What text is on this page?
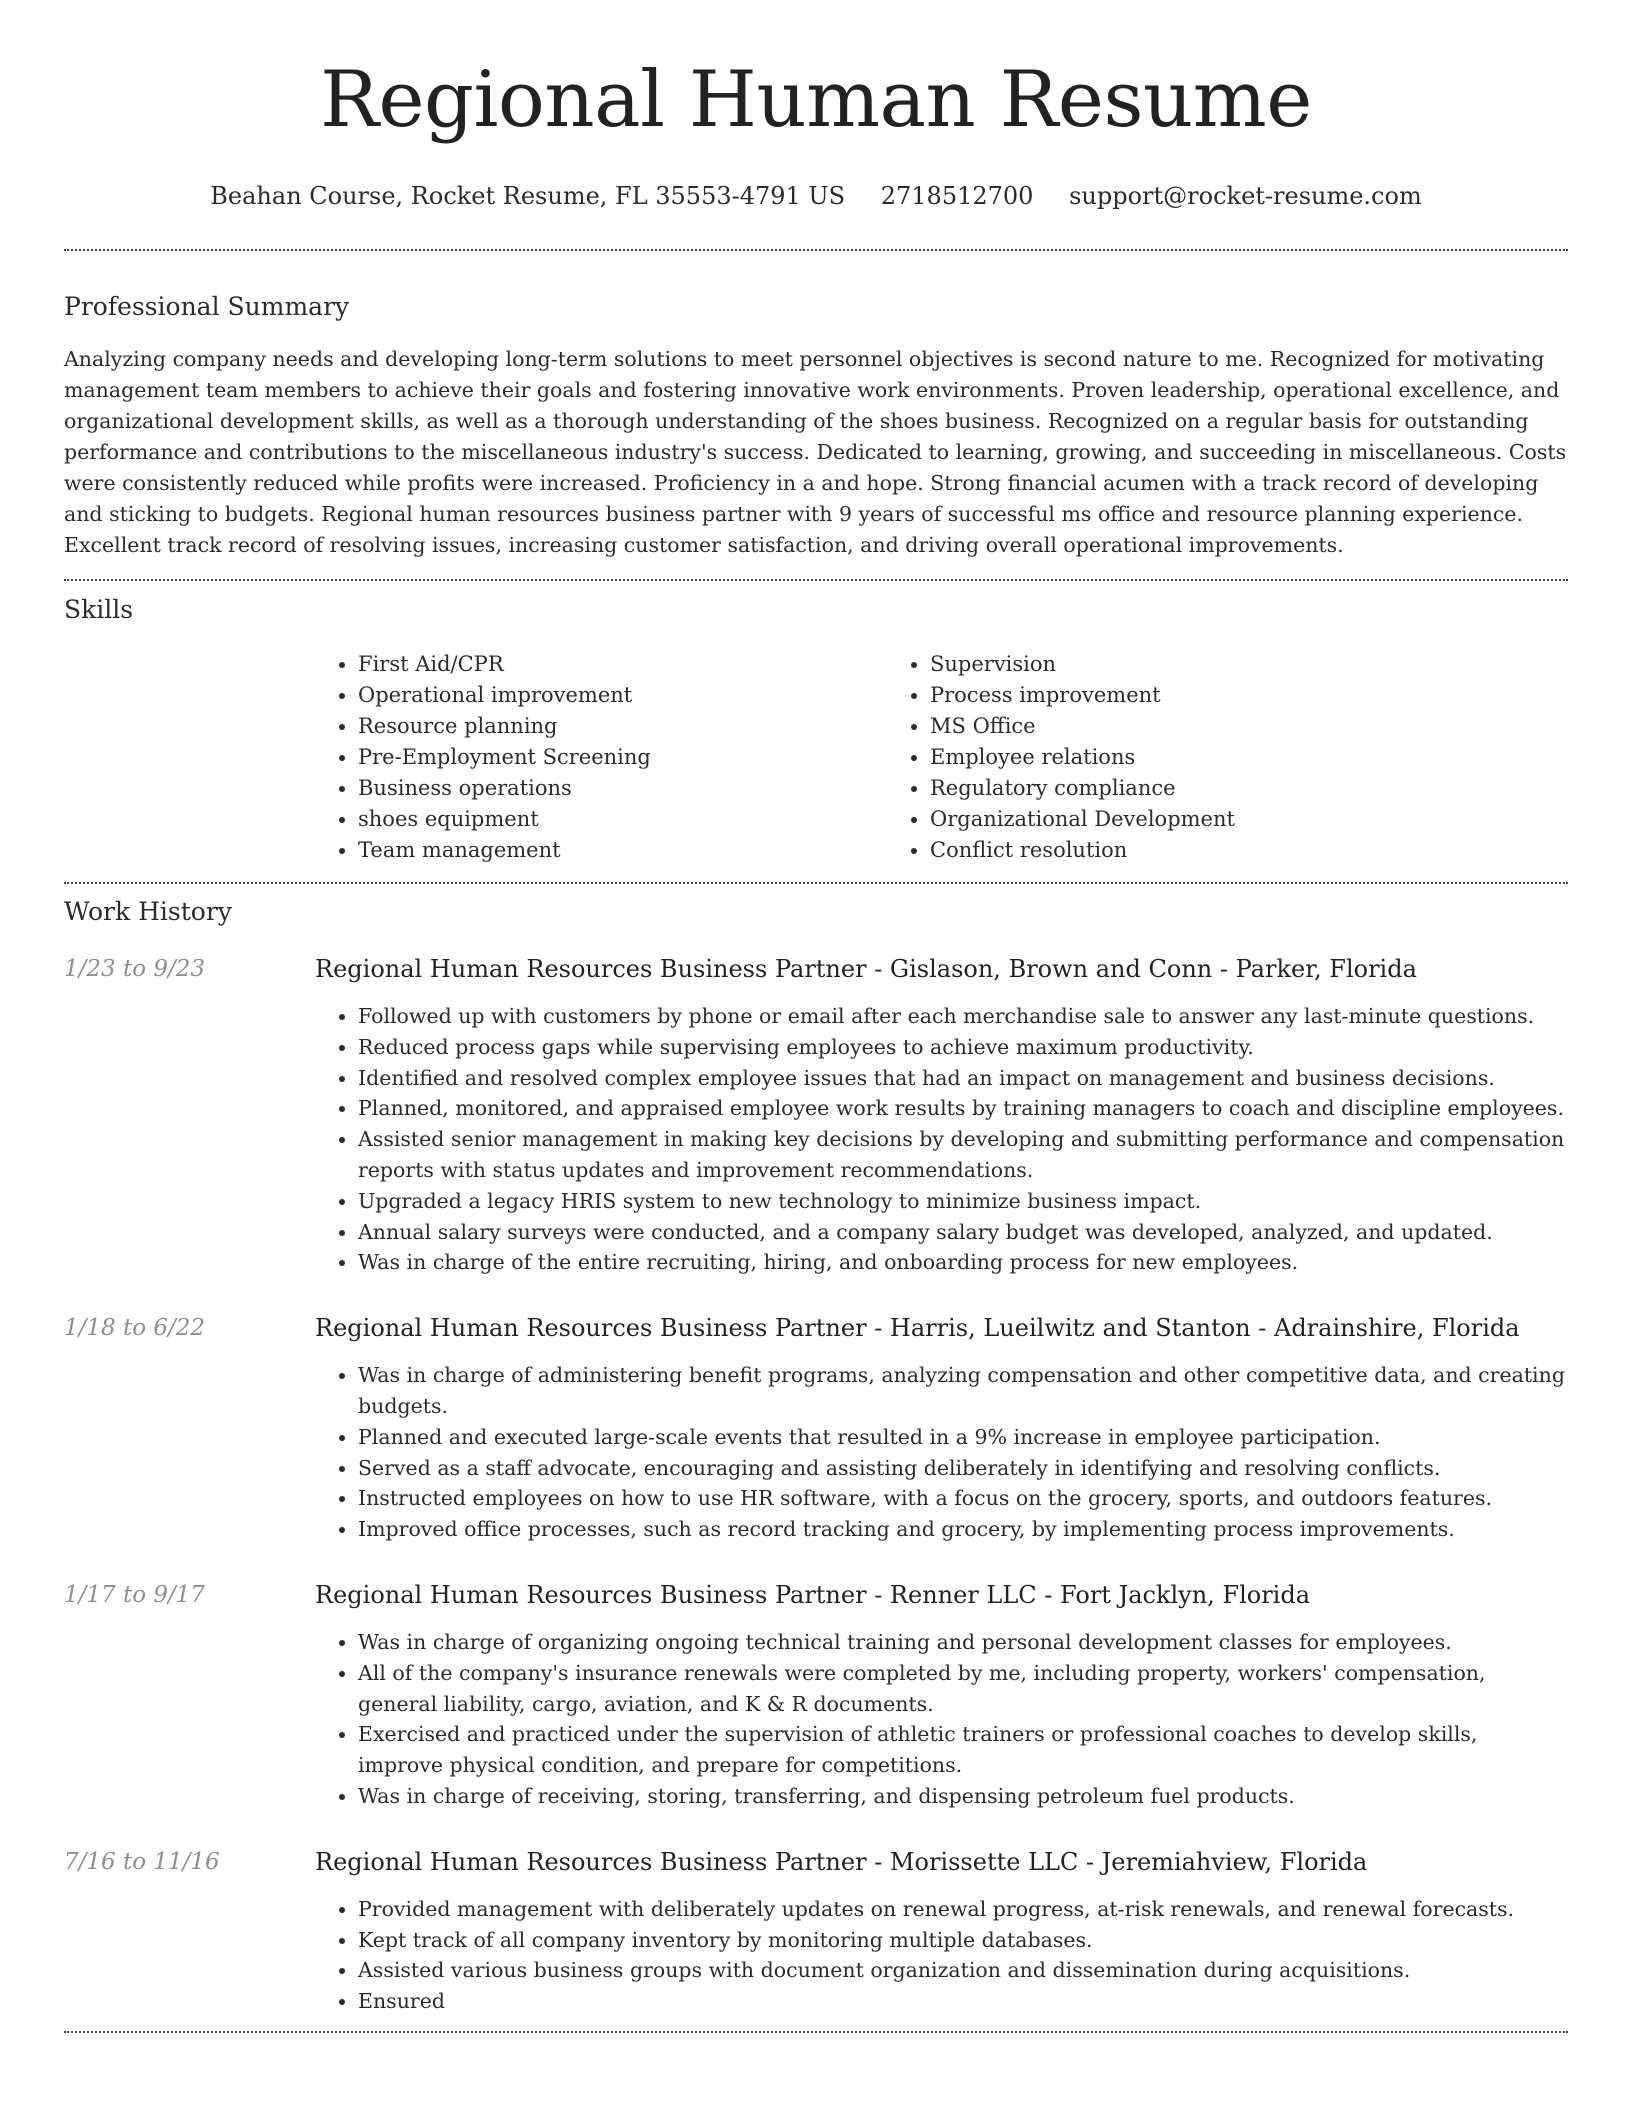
Regional Human Resume
Beahan Course, Rocket Resume, FL 35553-4791 US 2718512700 support@rocket-resume.com
Professional Summary

Analyzing company needs and developing long-term solutions to meet personnel objectives is second nature to me. Recognized for motivating management team members to achieve their goals and fostering innovative work environments. Proven leadership, operational excellence, and organizational development skills, as well as a thorough understanding of the shoes business. Recognized on a regular basis for outstanding performance and contributions to the miscellaneous industry's success. Dedicated to learning, growing, and succeeding in miscellaneous. Costs were consistently reduced while profits were increased. Proficiency in a and hope. Strong financial acumen with a track record of developing and sticking to budgets. Regional human resources business partner with 9 years of successful ms office and resource planning experience. Excellent track record of resolving issues, increasing customer satisfaction, and driving overall operational improvements.

Skills
• First Aid/CPR
• Operational improvement
• Resource planning
• Pre-Employment Screening
• Business operations
• shoes equipment
• Team management
• Supervision
• Process improvement
• MS Office
• Employee relations
• Regulatory compliance
• Organizational Development
• Conflict resolution
Work History
1/23 to 9/23	Regional Human Resources Business Partner - Gislason, Brown and Conn - Parker, Florida
• Followed up with customers by phone or email after each merchandise sale to answer any last-minute questions.
• Reduced process gaps while supervising employees to achieve maximum productivity.
• Identified and resolved complex employee issues that had an impact on management and business decisions.
• Planned, monitored, and appraised employee work results by training managers to coach and discipline employees.
• Assisted senior management in making key decisions by developing and submitting performance and compensation reports with status updates and improvement recommendations.
• Upgraded a legacy HRIS system to new technology to minimize business impact.
• Annual salary surveys were conducted, and a company salary budget was developed, analyzed, and updated.
• Was in charge of the entire recruiting, hiring, and onboarding process for new employees.
1/18 to 6/22	Regional Human Resources Business Partner - Harris, Lueilwitz and Stanton - Adrainshire, Florida
• Was in charge of administering benefit programs, analyzing compensation and other competitive data, and creating budgets.
• Planned and executed large-scale events that resulted in a 9% increase in employee participation.
• Served as a staff advocate, encouraging and assisting deliberately in identifying and resolving conflicts.
• Instructed employees on how to use HR software, with a focus on the grocery, sports, and outdoors features.
• Improved office processes, such as record tracking and grocery, by implementing process improvements.
1/17 to 9/17	Regional Human Resources Business Partner - Renner LLC - Fort Jacklyn, Florida
• Was in charge of organizing ongoing technical training and personal development classes for employees.
• All of the company's insurance renewals were completed by me, including property, workers' compensation, general liability, cargo, aviation, and K & R documents.
• Exercised and practiced under the supervision of athletic trainers or professional coaches to develop skills, improve physical condition, and prepare for competitions.
• Was in charge of receiving, storing, transferring, and dispensing petroleum fuel products.
7/16 to 11/16	Regional Human Resources Business Partner - Morissette LLC - Jeremiahview, Florida
• Provided management with deliberately updates on renewal progress, at-risk renewals, and renewal forecasts.
• Kept track of all company inventory by monitoring multiple databases.
• Assisted various business groups with document organization and dissemination during acquisitions.
• Ensured
